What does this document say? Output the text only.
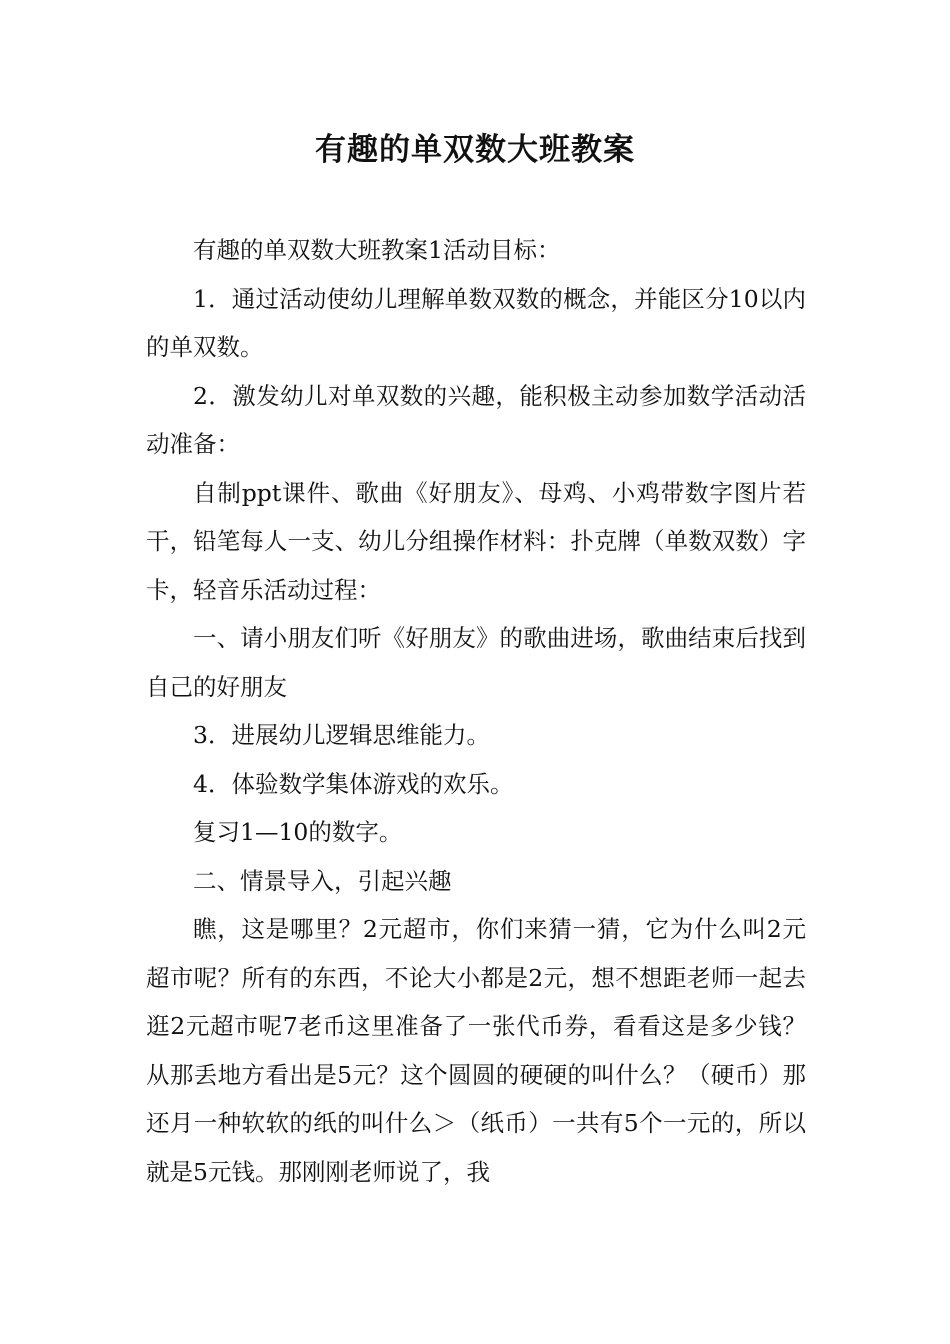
有趣的单双数大班教案

有趣的单双数大班教案1活动目标：

1．通过活动使幼儿理解单数双数的概念，并能区分10以内的单双数。

2．激发幼儿对单双数的兴趣，能积极主动参加数学活动活动准备：

自制ppt课件、歌曲《好朋友》、母鸡、小鸡带数字图片若干，铅笔每人一支、幼儿分组操作材料：扑克牌（单数双数）字卡，轻音乐活动过程：

一、请小朋友们听《好朋友》的歌曲进场，歌曲结束后找到自己的好朋友

3．进展幼儿逻辑思维能力。

4．体验数学集体游戏的欢乐。

复习1—10的数字。

二、情景导入，引起兴趣

瞧，这是哪里？2元超市，你们来猜一猜，它为什么叫2元超市呢？所有的东西，不论大小都是2元，想不想距老师一起去逛2元超市呢7老币这里准备了一张代币券，看看这是多少钱？从那丢地方看出是5元？这个圆圆的硬硬的叫什么？（硬币）那还月一种软软的纸的叫什么＞（纸币）一共有5个一元的，所以就是5元钱。那刚刚老师说了，我
